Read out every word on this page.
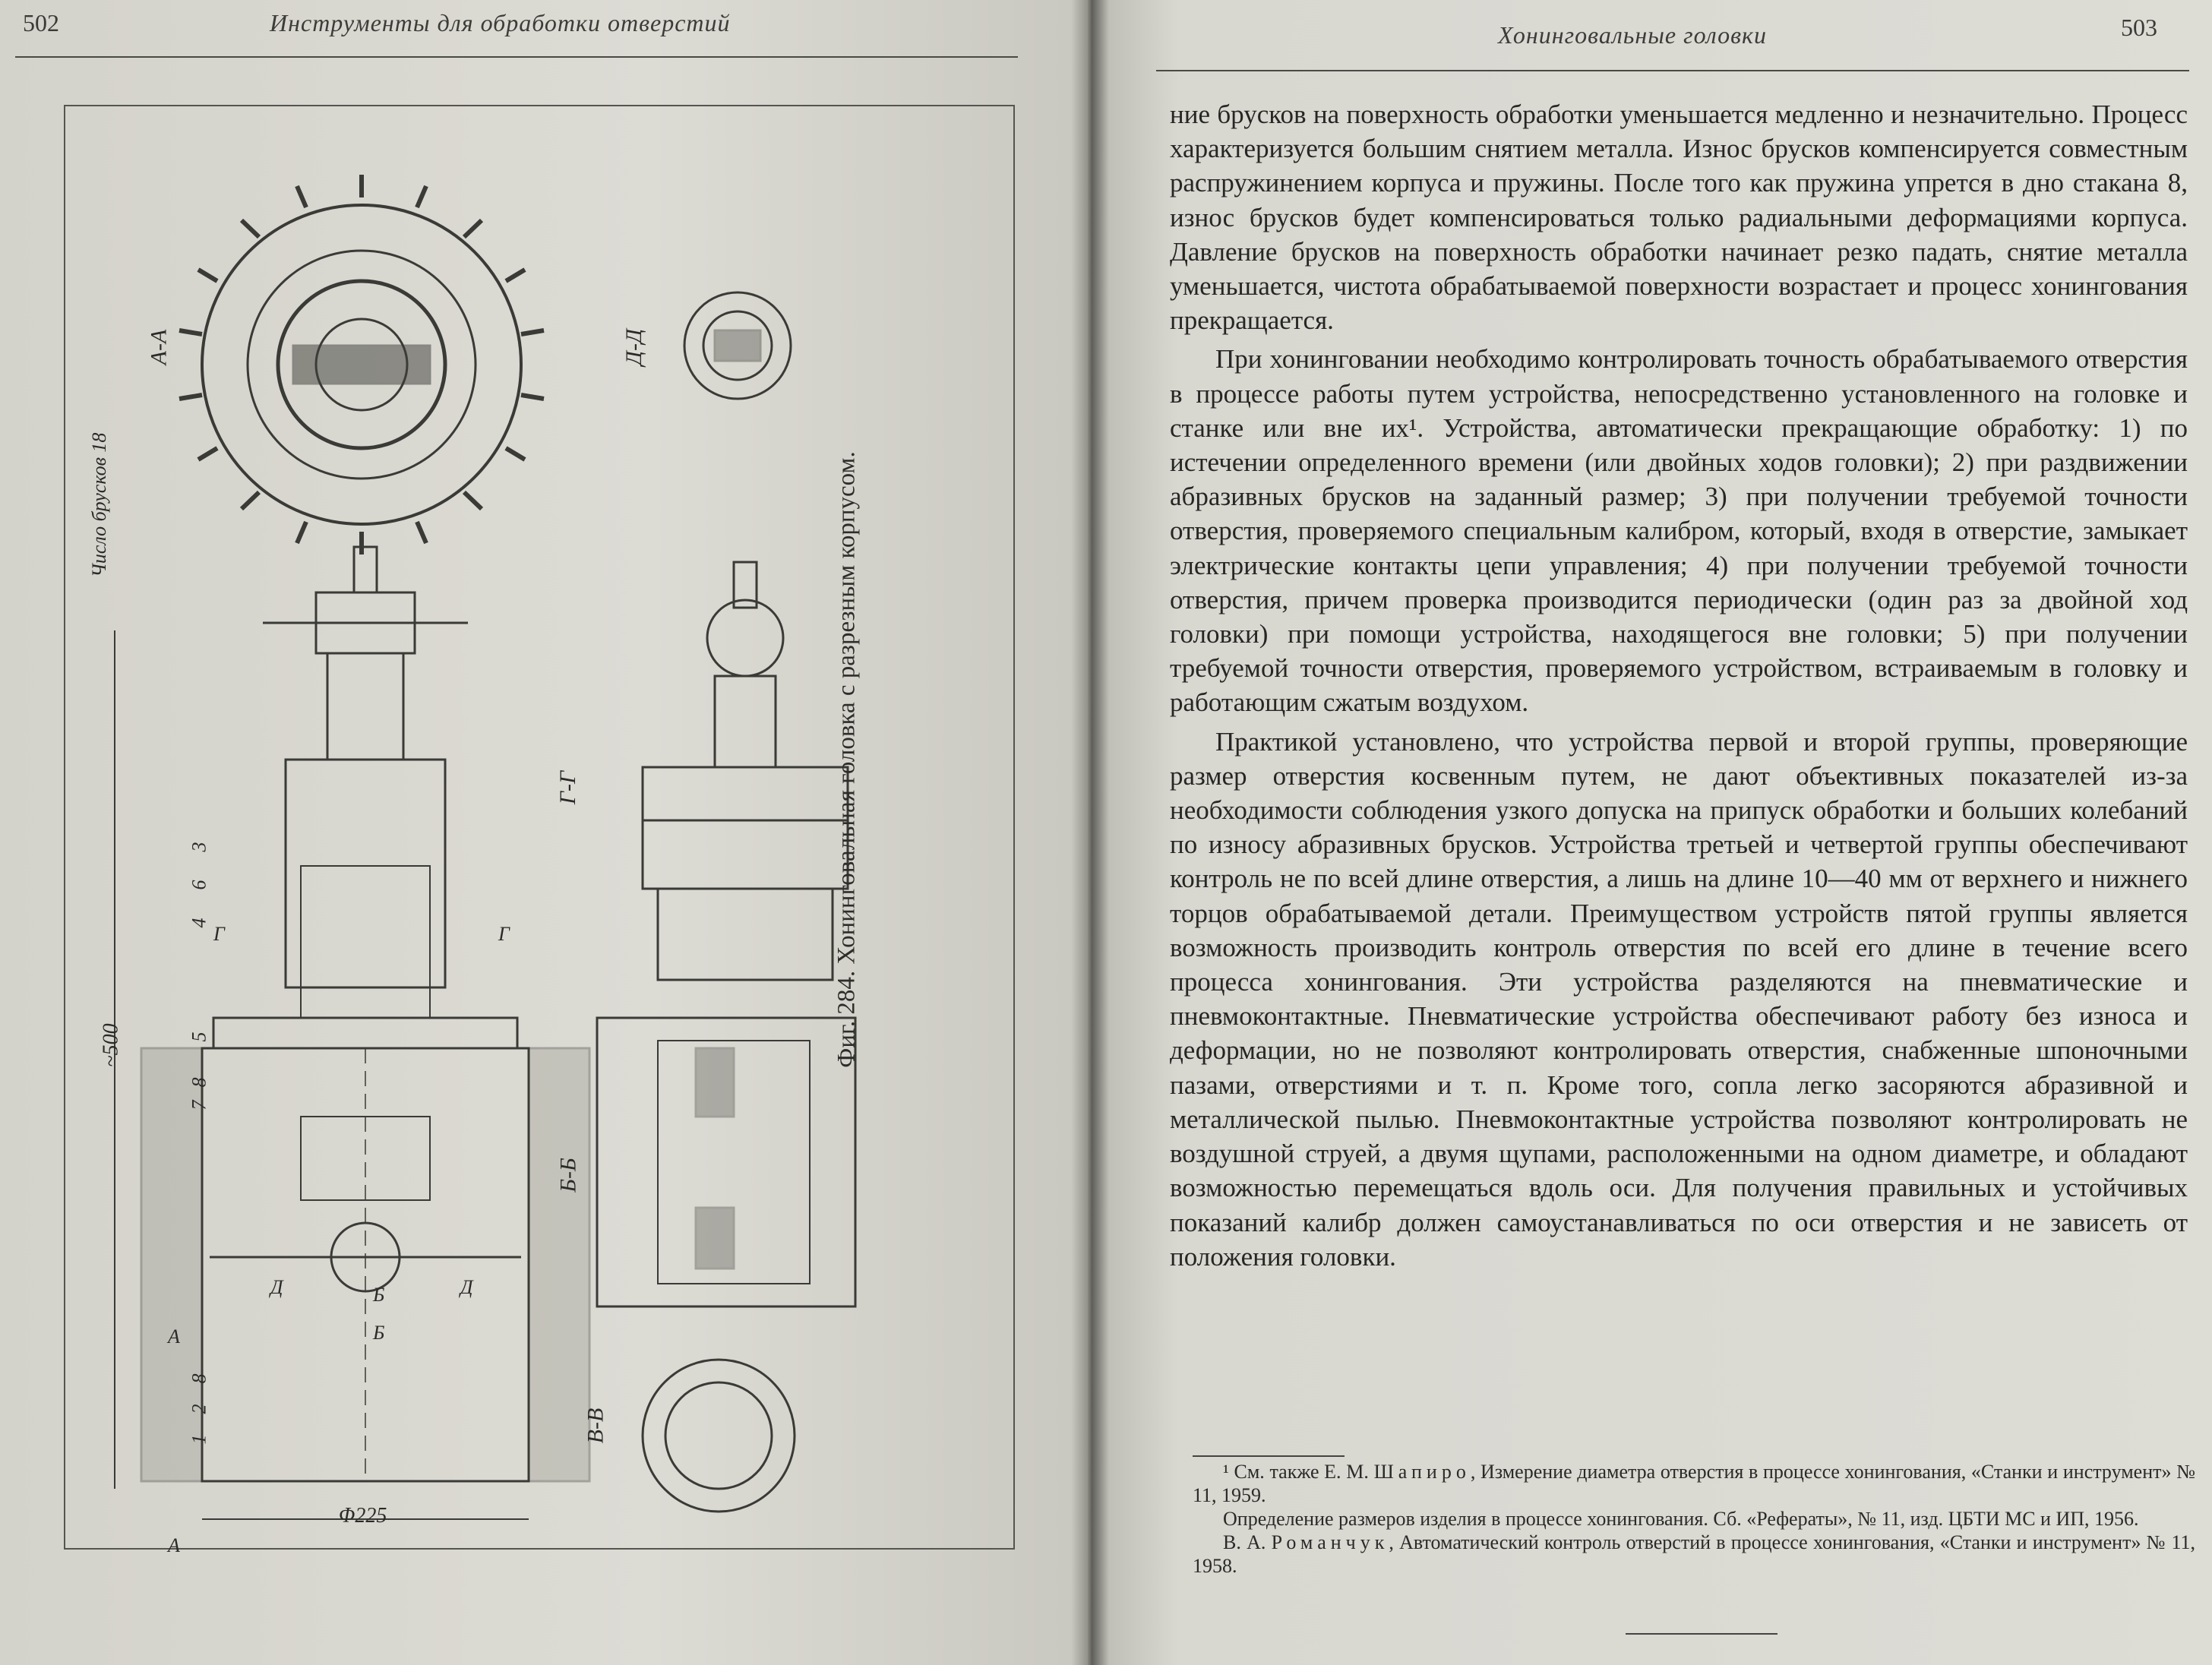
502	Инструменты для обработки отверстий
А-А	Д-Д
Число брусков 18
Г-Г
Б-Б
В-В
~500
Φ225
3
6
4
5
8
7
1
2
8
Г	Г
Б
Б
Д	Д
А
А
Фиг. 284. Хонинговальная головка с разрезным корпусом.
Хонинговальные головки	503

ние брусков на поверхность обработки уменьшается медленно и незначительно. Процесс характеризуется большим снятием металла. Износ брусков компенсируется совместным распружинением корпуса и пружины. После того как пружина упрется в дно стакана 8, износ брусков будет компенсироваться только радиальными деформациями корпуса. Давление брусков на поверхность обработки начинает резко падать, снятие металла уменьшается, чистота обрабатываемой поверхности возрастает и процесс хонингования прекращается.

При хонинговании необходимо контролировать точность обрабатываемого отверстия в процессе работы путем устройства, непосредственно установленного на головке и станке или вне их¹. Устройства, автоматически прекращающие обработку: 1) по истечении определенного времени (или двойных ходов головки); 2) при раздвижении абразивных брусков на заданный размер; 3) при получении требуемой точности отверстия, проверяемого специальным калибром, который, входя в отверстие, замыкает электрические контакты цепи управления; 4) при получении требуемой точности отверстия, причем проверка производится периодически (один раз за двойной ход головки) при помощи устройства, находящегося вне головки; 5) при получении требуемой точности отверстия, проверяемого устройством, встраиваемым в головку и работающим сжатым воздухом.

Практикой установлено, что устройства первой и второй группы, проверяющие размер отверстия косвенным путем, не дают объективных показателей из-за необходимости соблюдения узкого допуска на припуск обработки и больших колебаний по износу абразивных брусков. Устройства третьей и четвертой группы обеспечивают контроль не по всей длине отверстия, а лишь на длине 10—40 мм от верхнего и нижнего торцов обрабатываемой детали. Преимуществом устройств пятой группы является возможность производить контроль отверстия по всей его длине в течение всего процесса хонингования. Эти устройства разделяются на пневматические и пневмоконтактные. Пневматические устройства обеспечивают работу без износа и деформации, но не позволяют контролировать отверстия, снабженные шпоночными пазами, отверстиями и т. п. Кроме того, сопла легко засоряются абразивной и металлической пылью. Пневмоконтактные устройства позволяют контролировать не воздушной струей, а двумя щупами, расположенными на одном диаметре, и обладают возможностью перемещаться вдоль оси. Для получения правильных и устойчивых показаний калибр должен самоустанавливаться по оси отверстия и не зависеть от положения головки.

¹ См. также Е. М. Шапиро, Измерение диаметра отверстия в процессе хонингования, «Станки и инструмент» № 11, 1959.

Определение размеров изделия в процессе хонингования. Сб. «Рефераты», № 11, изд. ЦБТИ МС и ИП, 1956.

В. А. Романчук, Автоматический контроль отверстий в процессе хонингования, «Станки и инструмент» № 11, 1958.
